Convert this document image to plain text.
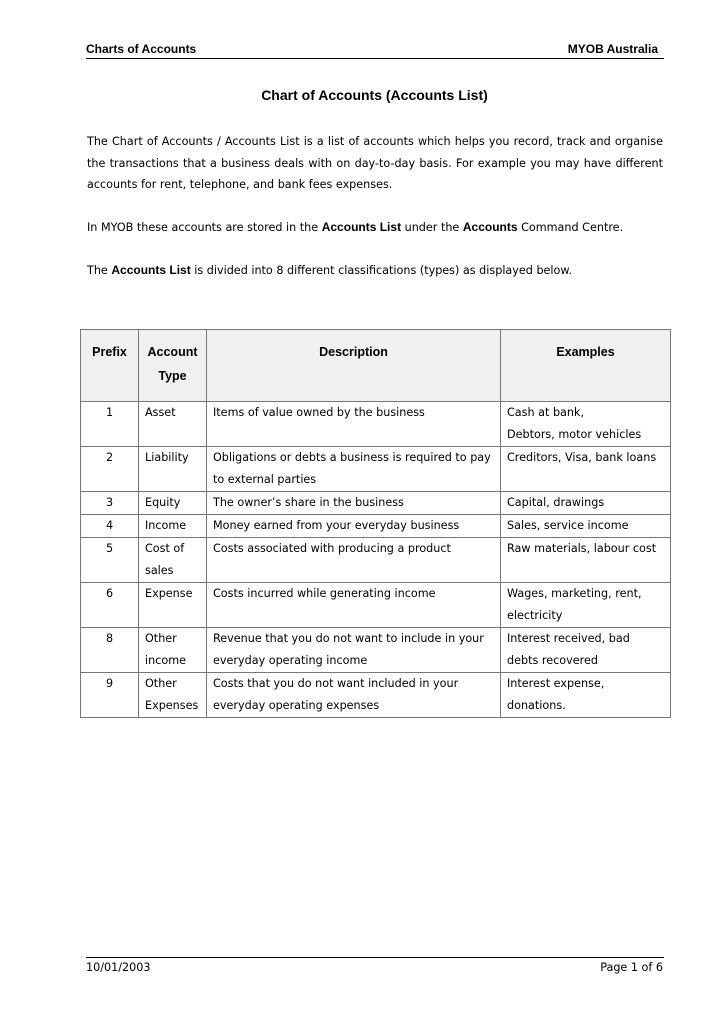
Charts of Accounts	MYOB Australia
Chart of Accounts (Accounts List)
The Chart of Accounts / Accounts List is a list of accounts which helps you record, track and organise the transactions that a business deals with on day-to-day basis. For example you may have different accounts for rent, telephone, and bank fees expenses.
In MYOB these accounts are stored in the Accounts List under the Accounts Command Centre.
The Accounts List is divided into 8 different classifications (types) as displayed below.
Prefix	Account Type	Description	Examples
1	Asset	Items of value owned by the business	Cash at bank,
Debtors, motor vehicles
2	Liability	Obligations or debts a business is required to pay to external parties	Creditors, Visa, bank loans
3	Equity	The owner’s share in the business	Capital, drawings
4	Income	Money earned from your everyday business	Sales, service income
5	Cost of sales	Costs associated with producing a product	Raw materials, labour cost
6	Expense	Costs incurred while generating income	Wages, marketing, rent, electricity
8	Other income	Revenue that you do not want to include in your everyday operating income	Interest received, bad debts recovered
9	Other Expenses	Costs that you do not want included in your everyday operating expenses	Interest expense, donations.
10/01/2003	Page 1 of 6
